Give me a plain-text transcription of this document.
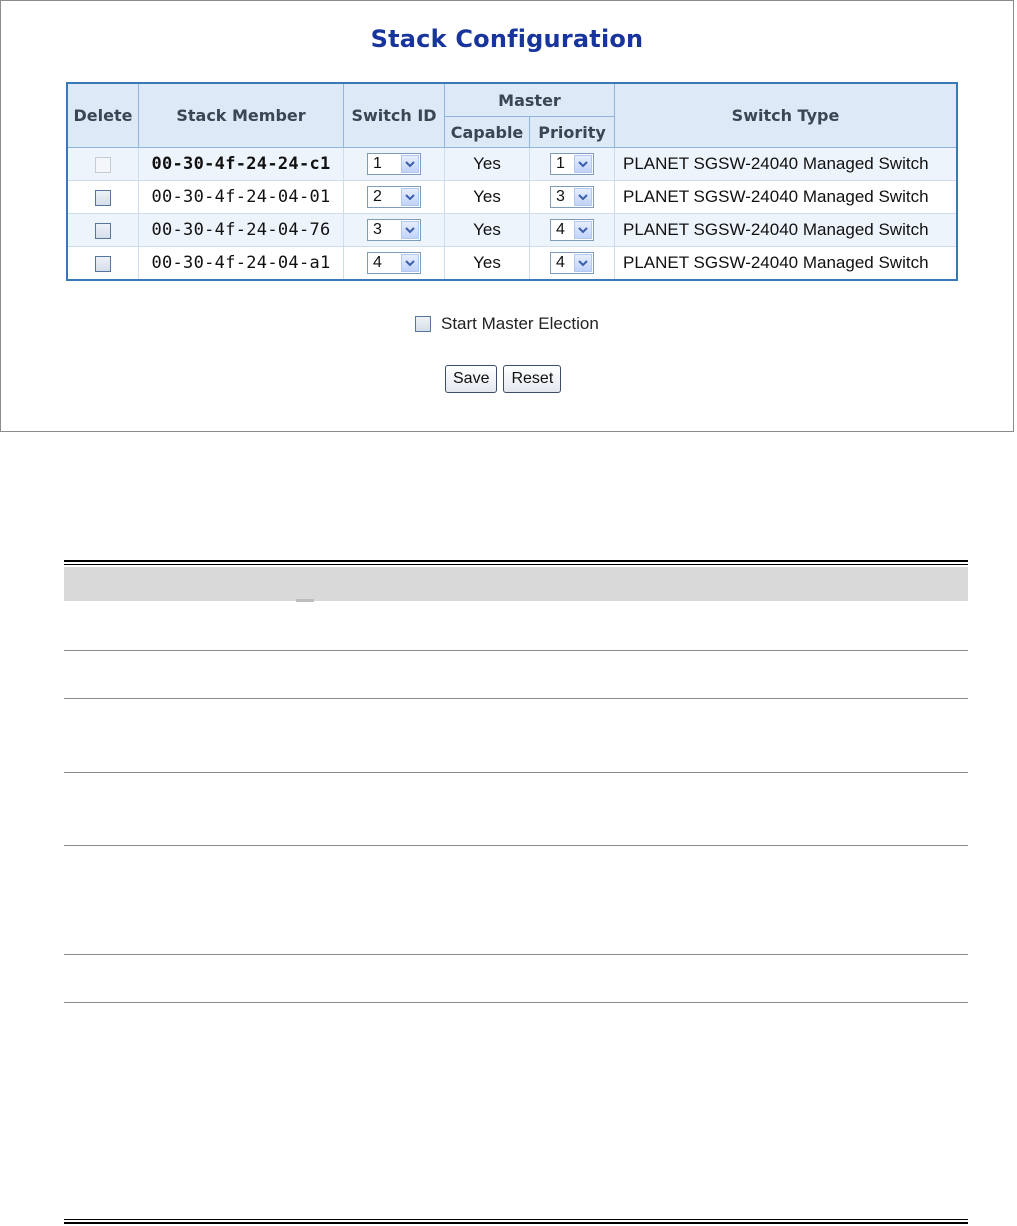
Stack Configuration
Delete	Stack Member	Switch ID	Master		Switch Type
			Capable	Priority	
	00-30-4f-24-24-c1	1	Yes	1	PLANET SGSW-24040 Managed Switch
	00-30-4f-24-04-01	2	Yes	3	PLANET SGSW-24040 Managed Switch
	00-30-4f-24-04-76	3	Yes	4	PLANET SGSW-24040 Managed Switch
	00-30-4f-24-04-a1	4	Yes	4	PLANET SGSW-24040 Managed Switch
Start Master Election
Save	Reset
